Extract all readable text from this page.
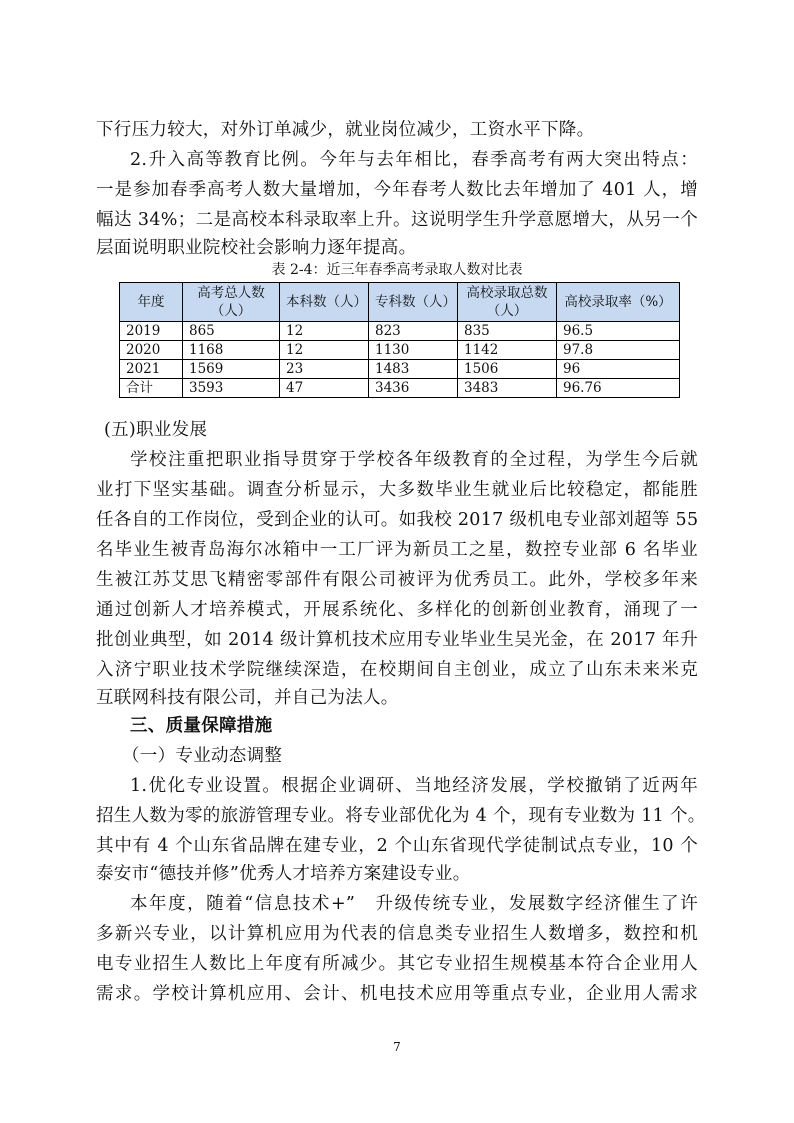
下行压力较大，对外订单减少，就业岗位减少，工资水平下降。
2.升入高等教育比例。今年与去年相比，春季高考有两大突出特点：
一是参加春季高考人数大量增加，今年春考人数比去年增加了 401 人，增
幅达 34%；二是高校本科录取率上升。这说明学生升学意愿增大，从另一个
层面说明职业院校社会影响力逐年提高。
表 2-4：近三年春季高考录取人数对比表
年度	高考总人数（人）	本科数（人）	专科数（人）	高校录取总数（人）	高校录取率（%）
2019	865	12	823	835	96.5
2020	1168	12	1130	1142	97.8
2021	1569	23	1483	1506	96
合计	3593	47	3436	3483	96.76
(五)职业发展
学校注重把职业指导贯穿于学校各年级教育的全过程，为学生今后就
业打下坚实基础。调查分析显示，大多数毕业生就业后比较稳定，都能胜
任各自的工作岗位，受到企业的认可。如我校 2017 级机电专业部刘超等 55
名毕业生被青岛海尔冰箱中一工厂评为新员工之星，数控专业部 6 名毕业
生被江苏艾思飞精密零部件有限公司被评为优秀员工。此外，学校多年来
通过创新人才培养模式，开展系统化、多样化的创新创业教育，涌现了一
批创业典型，如 2014 级计算机技术应用专业毕业生吴光金，在 2017 年升
入济宁职业技术学院继续深造，在校期间自主创业，成立了山东未来米克
互联网科技有限公司，并自己为法人。
三、质量保障措施
（一）专业动态调整
1.优化专业设置。根据企业调研、当地经济发展，学校撤销了近两年
招生人数为零的旅游管理专业。将专业部优化为 4 个，现有专业数为 11 个。
其中有 4 个山东省品牌在建专业，2 个山东省现代学徒制试点专业，10 个
泰安市“德技并修”优秀人才培养方案建设专业。
本年度，随着“信息技术+”　升级传统专业，发展数字经济催生了许
多新兴专业，以计算机应用为代表的信息类专业招生人数增多，数控和机
电专业招生人数比上年度有所减少。其它专业招生规模基本符合企业用人
需求。学校计算机应用、会计、机电技术应用等重点专业，企业用人需求
7
